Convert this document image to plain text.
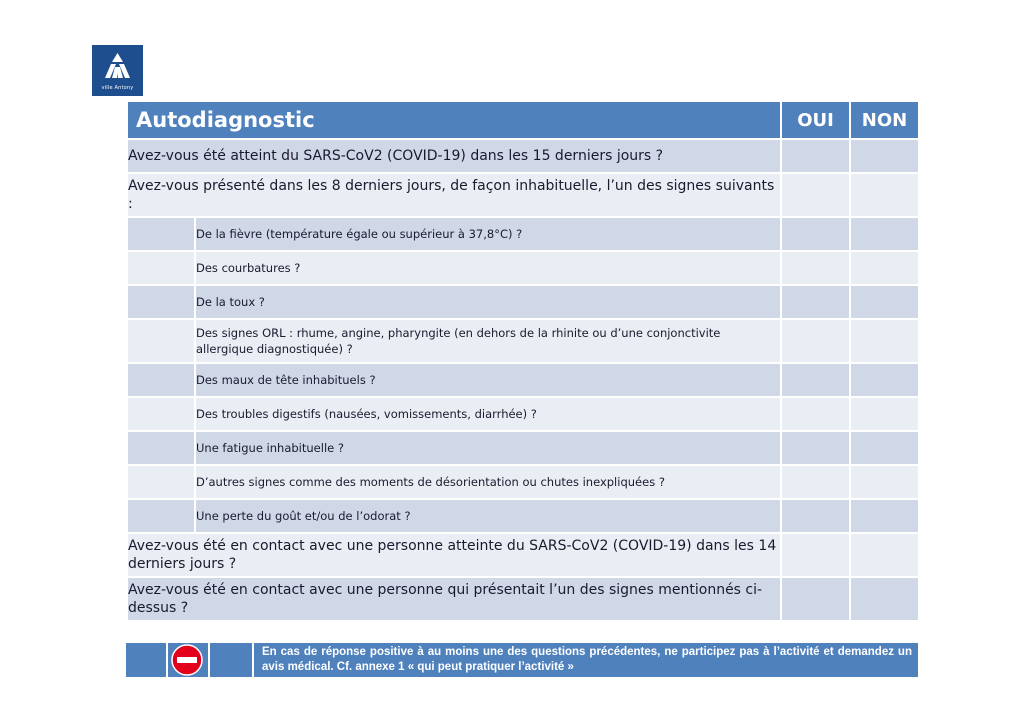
ville Antony
Autodiagnostic		OUI	NON
Avez-vous été atteint du SARS-CoV2 (COVID-19) dans les 15 derniers jours ?			
Avez-vous présenté dans les 8 derniers jours, de façon inhabituelle, l’un des signes suivants :			
	De la fièvre (température égale ou supérieur à 37,8°C) ?		
	Des courbatures ?		
	De la toux ?		
	Des signes ORL : rhume, angine, pharyngite (en dehors de la rhinite ou d’une conjonctivite allergique diagnostiquée) ?		
	Des maux de tête inhabituels ?		
	Des troubles digestifs (nausées, vomissements, diarrhée) ?		
	Une fatigue inhabituelle ?		
	D’autres signes comme des moments de désorientation ou chutes inexpliquées ?		
	Une perte du goût et/ou de l’odorat ?		
Avez-vous été en contact avec une personne atteinte du SARS-CoV2 (COVID-19) dans les 14 derniers jours ?			
Avez-vous été en contact avec une personne qui présentait l’un des signes mentionnés ci-dessus ?			
En cas de réponse positive à au moins une des questions précédentes, ne participez pas à l’activité et demandez un avis médical. Cf. annexe 1 « qui peut pratiquer l’activité »
